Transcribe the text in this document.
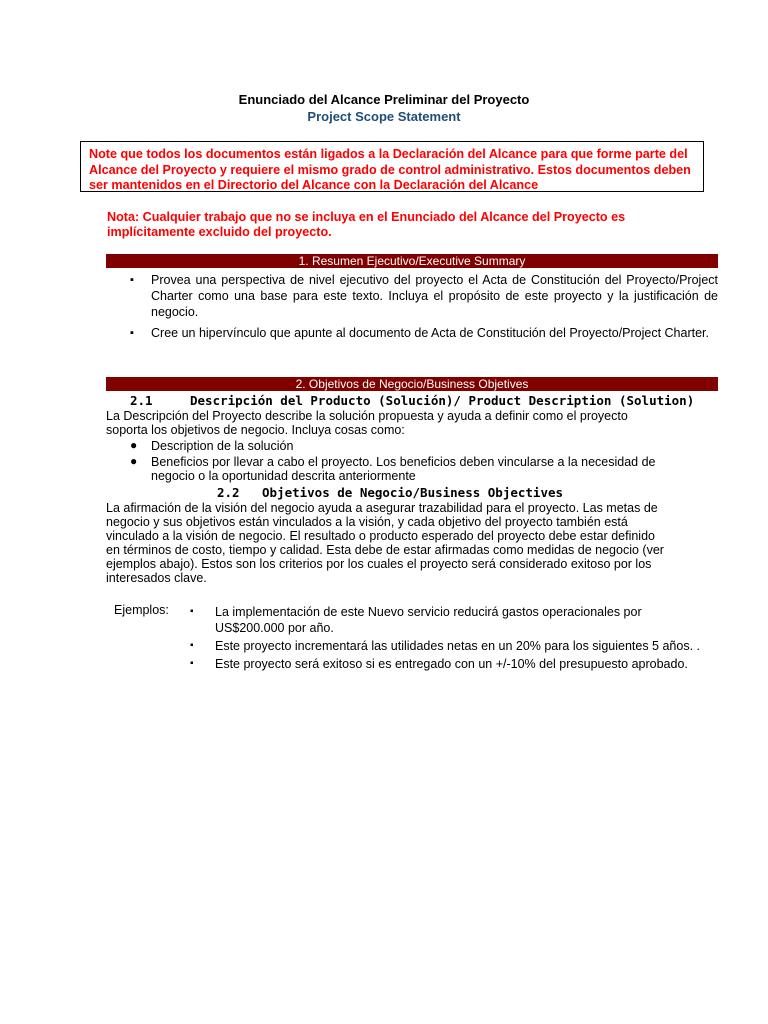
Enunciado del Alcance Preliminar del Proyecto
Project Scope Statement
Note que todos los documentos están ligados a la Declaración del Alcance para que forme parte del Alcance del Proyecto y requiere el mismo grado de control administrativo. Estos documentos deben ser mantenidos en el Directorio del Alcance con la Declaración del Alcance
Nota: Cualquier trabajo que no se incluya en el Enunciado del Alcance del Proyecto es implícitamente excluido del proyecto.
1. Resumen Ejecutivo/Executive Summary
▪ Provea una perspectiva de nivel ejecutivo del proyecto el Acta de Constitución del Proyecto/Project Charter como una base para este texto. Incluya el propósito de este proyecto y la justificación de negocio.
▪ Cree un hipervínculo que apunte al documento de Acta de Constitución del Proyecto/Project Charter.
2. Objetivos de Negocio/Business Objetives
2.1	Descripción del Producto (Solución)/ Product Description (Solution)
La Descripción del Proyecto describe la solución propuesta y ayuda a definir como el proyecto soporta los objetivos de negocio. Incluya cosas como:
● Description de la solución
● Beneficios por llevar a cabo el proyecto. Los beneficios deben vincularse a la necesidad de negocio o la oportunidad descrita anteriormente
2.2 Objetivos de Negocio/Business Objectives
La afirmación de la visión del negocio ayuda a asegurar trazabilidad para el proyecto. Las metas de negocio y sus objetivos están vinculados a la visión, y cada objetivo del proyecto también está vinculado a la visión de negocio. El resultado o producto esperado del proyecto debe estar definido en términos de costo, tiempo y calidad. Esta debe de estar afirmadas como medidas de negocio (ver ejemplos abajo). Estos son los criterios por los cuales el proyecto será considerado exitoso por los interesados clave.
Ejemplos: ▪ La implementación de este Nuevo servicio reducirá gastos operacionales por US$200.000 por año.
▪ Este proyecto incrementará las utilidades netas en un 20% para los siguientes 5 años. .
▪ Este proyecto será exitoso si es entregado con un +/-10% del presupuesto aprobado.
